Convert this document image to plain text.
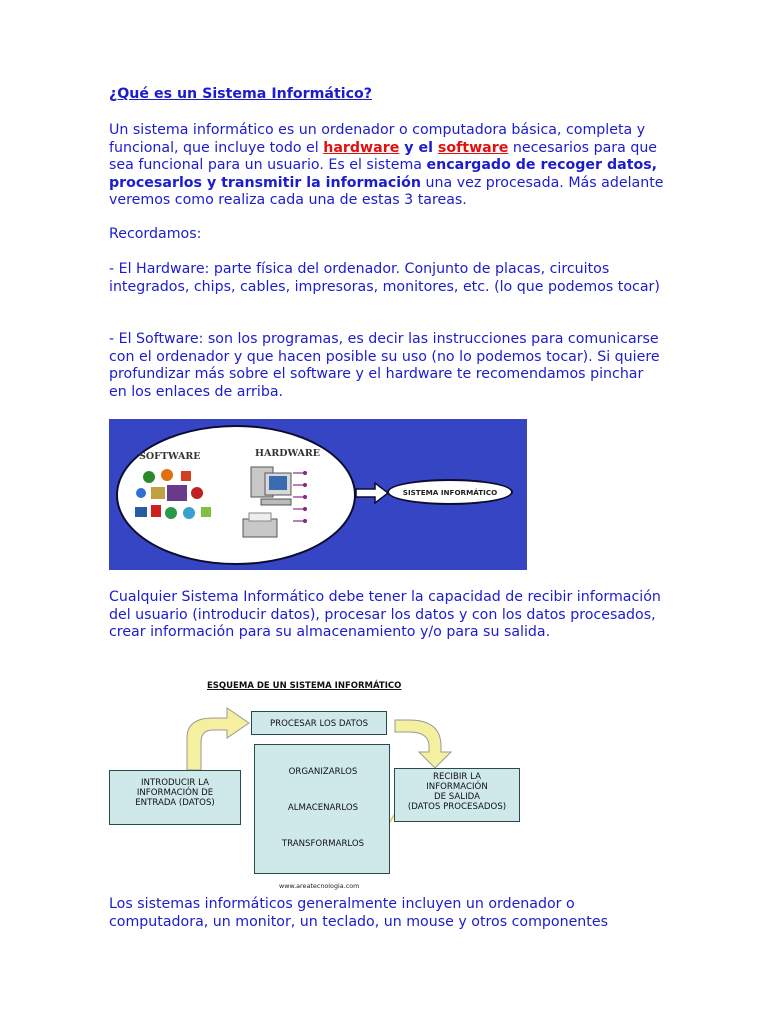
¿Qué es un Sistema Informático?

Un sistema informático es un ordenador o computadora básica, completa y funcional, que incluye todo el hardware y el software necesarios para que sea funcional para un usuario. Es el sistema encargado de recoger datos, procesarlos y transmitir la información una vez procesada. Más adelante veremos como realiza cada una de estas 3 tareas.

Recordamos:

- El Hardware: parte física del ordenador. Conjunto de placas, circuitos integrados, chips, cables, impresoras, monitores, etc. (lo que podemos tocar)

- El Software: son los programas, es decir las instrucciones para comunicarse con el ordenador y que hacen posible su uso (no lo podemos tocar). Si quiere profundizar más sobre el software y el hardware te recomendamos pinchar en los enlaces de arriba.

Cualquier Sistema Informático debe tener la capacidad de recibir información del usuario (introducir datos), procesar los datos y con los datos procesados, crear información para su almacenamiento y/o para su salida.

Los sistemas informáticos generalmente incluyen un ordenador o computadora, un monitor, un teclado, un mouse y otros componentes

SOFTWARE	HARDWARE
SISTEMA INFORMÁTICO
ESQUEMA DE UN SISTEMA INFORMÁTICO
PROCESAR LOS DATOS
ORGANIZARLOS
ALMACENARLOS
TRANSFORMARLOS
INTRODUCIR LA
INFORMACIÓN DE
ENTRADA (DATOS)
RECIBIR LA
INFORMACIÓN
DE SALIDA
(DATOS PROCESADOS)
www.areatecnologia.com
